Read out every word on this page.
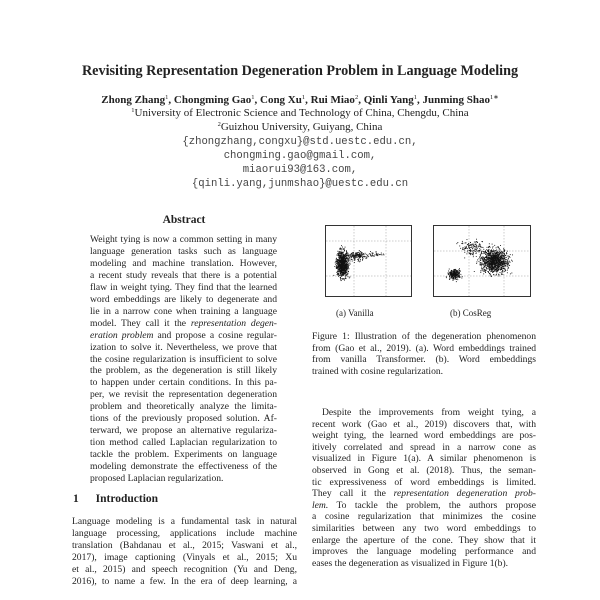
Revisiting Representation Degeneration Problem in Language Modeling
Zhong Zhang$^1$, Chongming Gao$^1$, Cong Xu$^1$, Rui Miao$^2$, Qinli Yang$^1$, Junming Shao$^{1∗}$
$^1$University of Electronic Science and Technology of China, Chengdu, China
$^2$Guizhou University, Guiyang, China
{zhongzhang,congxu}@std.uestc.edu.cn,
chongming.gao@gmail.com,
miaorui93@163.com,
{qinli.yang,junmshao}@uestc.edu.cn
Abstract
Weight tying is now a common setting in many
language generation tasks such as language
modeling and machine translation. However,
a recent study reveals that there is a potential
flaw in weight tying. They find that the learned
word embeddings are likely to degenerate and
lie in a narrow cone when training a language
model. They call it the representation degen-
eration problem and propose a cosine regular-
ization to solve it. Nevertheless, we prove that
the cosine regularization is insufficient to solve
the problem, as the degeneration is still likely
to happen under certain conditions. In this pa-
per, we revisit the representation degeneration
problem and theoretically analyze the limita-
tions of the previously proposed solution. Af-
terward, we propose an alternative regulariza-
tion method called Laplacian regularization to
tackle the problem. Experiments on language
modeling demonstrate the effectiveness of the
proposed Laplacian regularization.
1 Introduction
Language modeling is a fundamental task in natural
language processing, applications include machine
translation (Bahdanau et al., 2015; Vaswani et al.,
2017), image captioning (Vinyals et al., 2015; Xu
et al., 2015) and speech recognition (Yu and Deng,
2016), to name a few. In the era of deep learning, a
(a) Vanilla	(b) CosReg
Figure 1: Illustration of the degeneration phenomenon
from (Gao et al., 2019). (a). Word embeddings trained
from vanilla Transformer. (b). Word embeddings
trained with cosine regularization.
Despite the improvements from weight tying, a
recent work (Gao et al., 2019) discovers that, with
weight tying, the learned word embeddings are pos-
itively correlated and spread in a narrow cone as
visualized in Figure 1(a). A similar phenomenon is
observed in Gong et al. (2018). Thus, the seman-
tic expressiveness of word embeddings is limited.
They call it the representation degeneration prob-
lem. To tackle the problem, the authors propose
a cosine regularization that minimizes the cosine
similarities between any two word embeddings to
enlarge the aperture of the cone. They show that it
improves the language modeling performance and
eases the degeneration as visualized in Figure 1(b).
